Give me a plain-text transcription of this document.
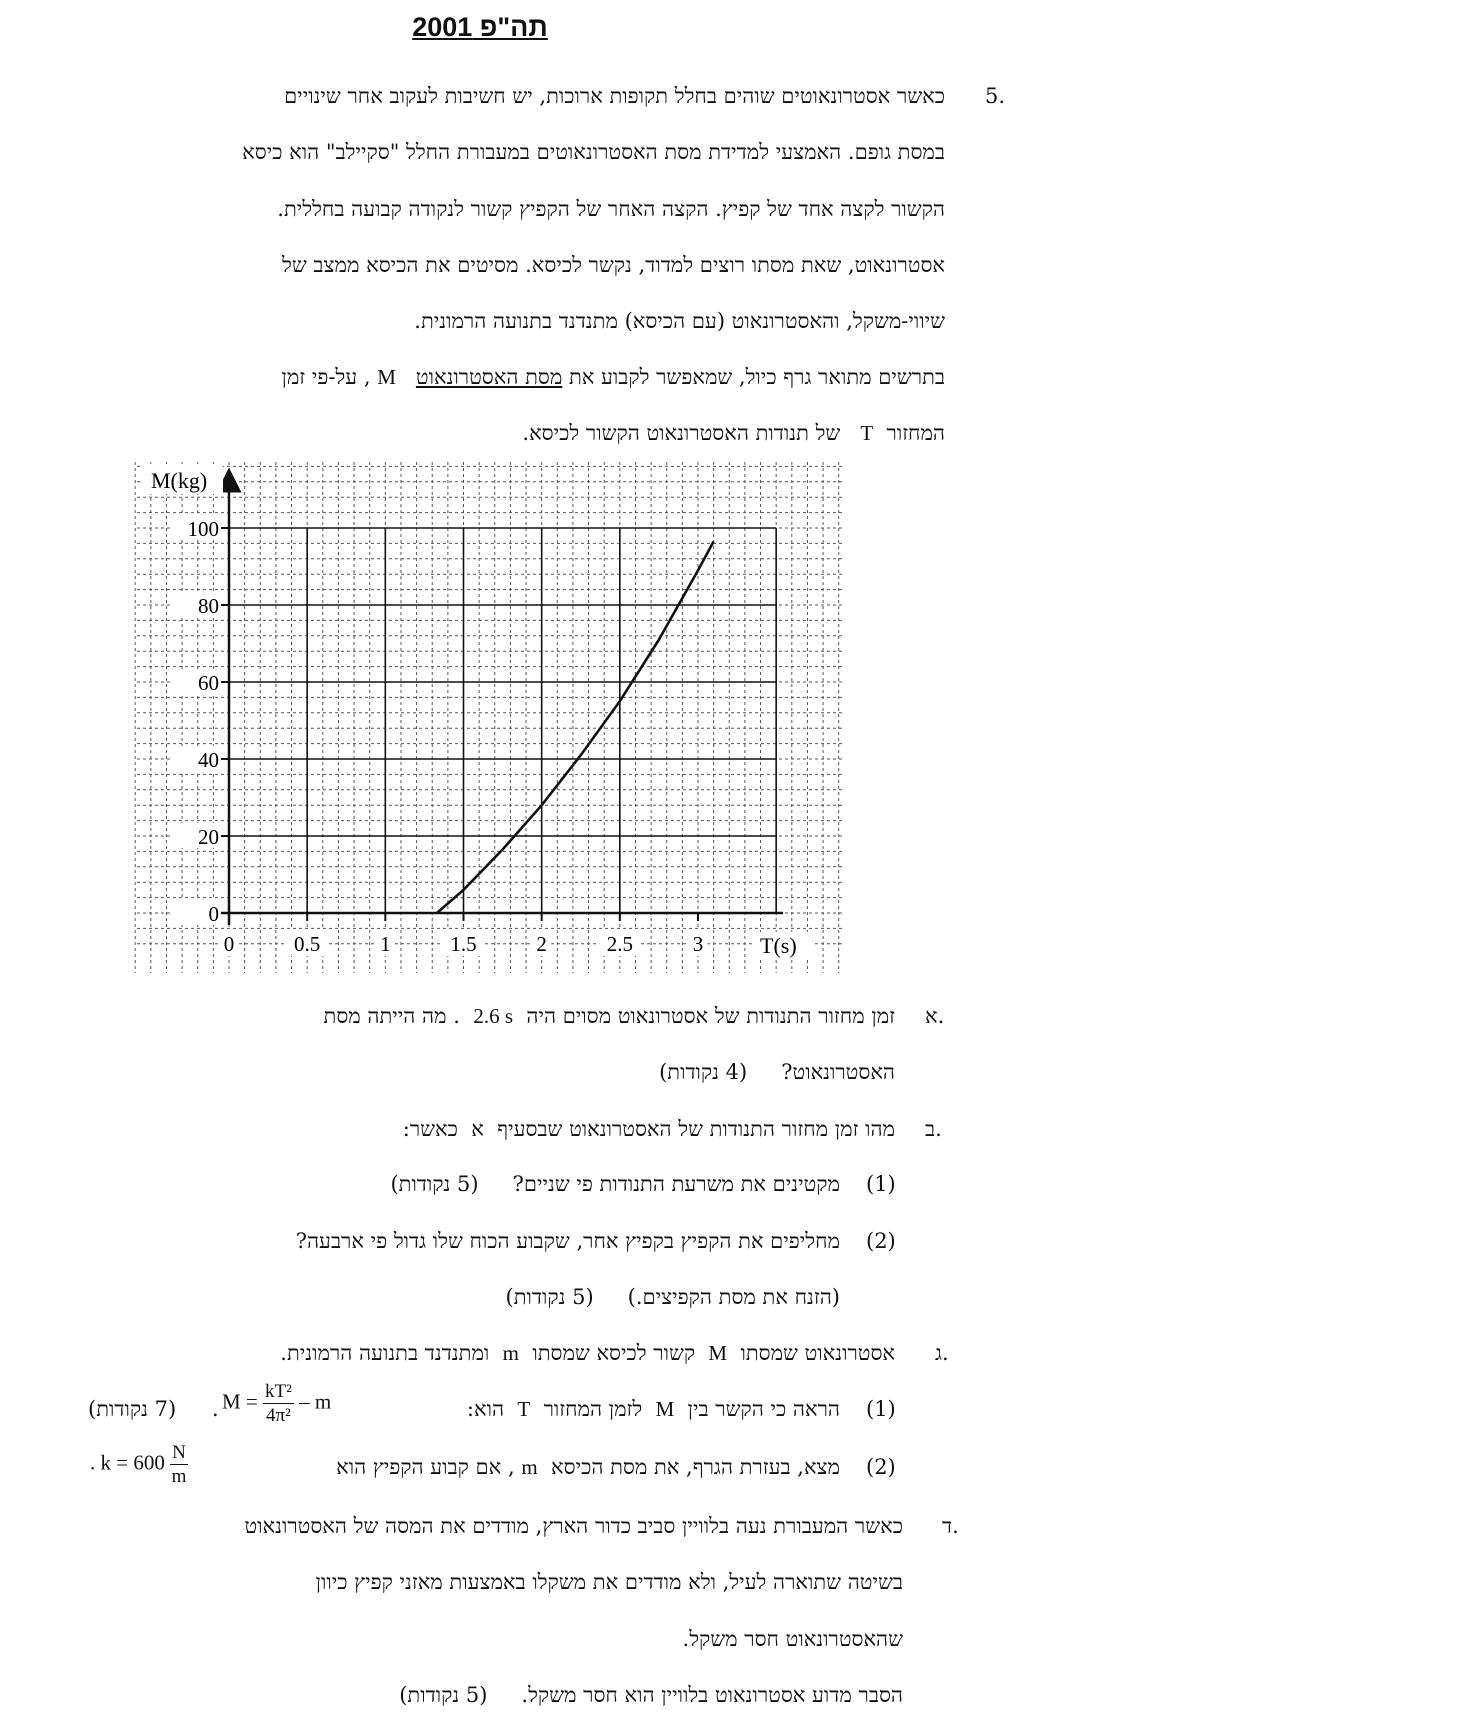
תה"פ 2001
5.
כאשר אסטרונאוטים שוהים בחלל תקופות ארוכות, יש חשיבות לעקוב אחר שינויים
במסת גופם. האמצעי למדידת מסת האסטרונאוטים במעבורת החלל "סקיילב" הוא כיסא
הקשור לקצה אחד של קפיץ. הקצה האחר של הקפיץ קשור לנקודה קבועה בחללית.
אסטרונאוט, שאת מסתו רוצים למדוד, נקשר לכיסא. מסיטים את הכיסא ממצב של
שיווי-משקל, והאסטרונאוט (עם הכיסא) מתנדנד בתנועה הרמונית.
בתרשים מתואר גרף כיול, שמאפשר לקבוע את מסת האסטרונאוט   M , על-פי זמן
המחזור  T   של תנודות האסטרונאוט הקשור לכיסא.
M(kg)
T(s)
0
20
40
60
80
100
0	0.5	1	1.5	2	2.5	3
א.
זמן מחזור התנודות של אסטרונאוט מסוים היה  2.6 s  . מה הייתה מסת
האסטרונאוט?(4 נקודות)
ב.
מהו זמן מחזור התנודות של האסטרונאוט שבסעיף  א  כאשר:
(1)
מקטינים את משרעת התנודות פי שניים?(5 נקודות)
(2)
מחליפים את הקפיץ בקפיץ אחר, שקבוע הכוח שלו גדול פי ארבעה?
(הזנח את מסת הקפיצים.)(5 נקודות)
ג.
אסטרונאוט שמסתו  M  קשור לכיסא שמסתו  m  ומתנדנד בתנועה הרמונית.
(1)
הראה כי הקשר בין  M  לזמן המחזור  T  הוא:
$M = \frac{\text{kT²}}{\text{4π²}} - m$
.
(7 נקודות)
(2)
מצא, בעזרת הגרף, את מסת הכיסא  m , אם קבוע הקפיץ הוא
. $k = 600 \frac{N}{m}$
ד.
כאשר המעבורת נעה בלוויין סביב כדור הארץ, מודדים את המסה של האסטרונאוט
בשיטה שתוארה לעיל, ולא מודדים את משקלו באמצעות מאזני קפיץ כיוון
שהאסטרונאוט חסר משקל.
הסבר מדוע אסטרונאוט בלוויין הוא חסר משקל.(5 נקודות)
